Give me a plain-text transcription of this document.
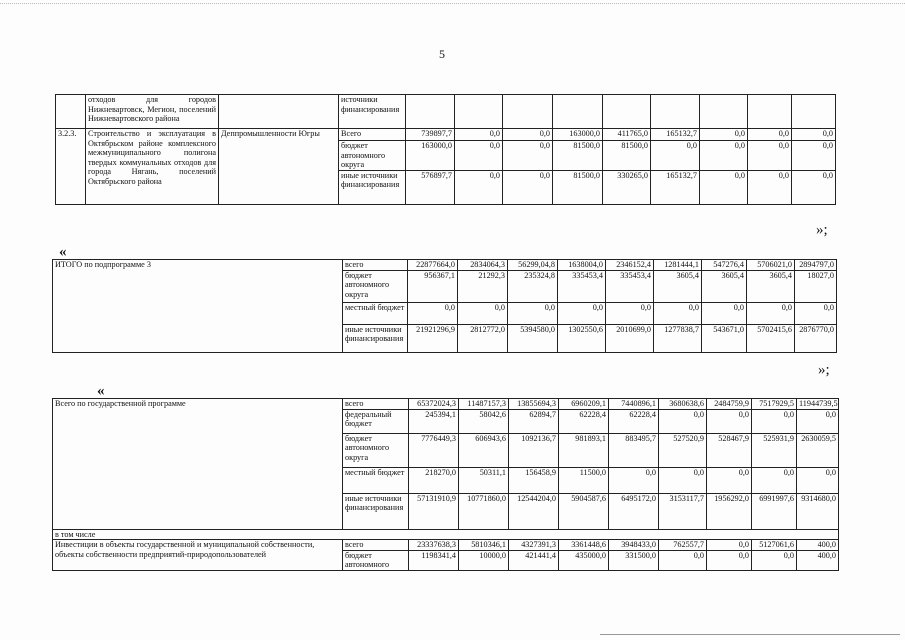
5
	отходов для городов Нижневартовск, Мегион, поселений Нижневартовского района		источники финансирования									
3.2.3.	Строительство и эксплуатация в Октябрьском районе комплексного межмуниципального полигона твердых коммунальных отходов для города Нягань, поселений Октябрьского района	Деппромышленности Югры	Всего	739897,7	0,0	0,0	163000,0	411765,0	165132,7	0,0	0,0	0,0
			бюджет автономного округа	163000,0	0,0	0,0	81500,0	81500,0	0,0	0,0	0,0	0,0
			иные источники финансирования	576897,7	0,0	0,0	81500,0	330265,0	165132,7	0,0	0,0	0,0
»;
«
ИТОГО по подпрограмме 3	всего	22877664,0	2834064,3	56299,04,8	1638004,0	2346152,4	1281444,1	547276,4	5706021,0	2894797,0
	бюджет автономного округа	956367,1	21292,3	235324,8	335453,4	335453,4	3605,4	3605,4	3605,4	18027,0
	местный бюджет	0,0	0,0	0,0	0,0	0,0	0,0	0,0	0,0	0,0
	иные источники финансирования	21921296,9	2812772,0	5394580,0	1302550,6	2010699,0	1277838,7	543671,0	5702415,6	2876770,0
»;
«
Всего по государственной программе	всего	65372024,3	11487157,3	13855694,3	6960209,1	7440896,1	3680638,6	2484759,9	7517929,5	11944739,5
	федеральный бюджет	245394,1	58042,6	62894,7	62228,4	62228,4	0,0	0,0	0,0	0,0
	бюджет автономного округа	7776449,3	606943,6	1092136,7	981893,1	883495,7	527520,9	528467,9	525931,9	2630059,5
	местный бюджет	218270,0	50311,1	156458,9	11500,0	0,0	0,0	0,0	0,0	0,0
	иные источники финансирования	57131910,9	10771860,0	12544204,0	5904587,6	6495172,0	3153117,7	1956292,0	6991997,6	9314680,0
в том числе										
Инвестиции в объекты государственной и муниципальной собственности, объекты собственности предприятий-природопользователей	всего	23337638,3	5810346,1	4327391,3	3361448,6	3948433,0	762557,7	0,0	5127061,6	400,0
	бюджет автономного	1198341,4	10000,0	421441,4	435000,0	331500,0	0,0	0,0	0,0	400,0
